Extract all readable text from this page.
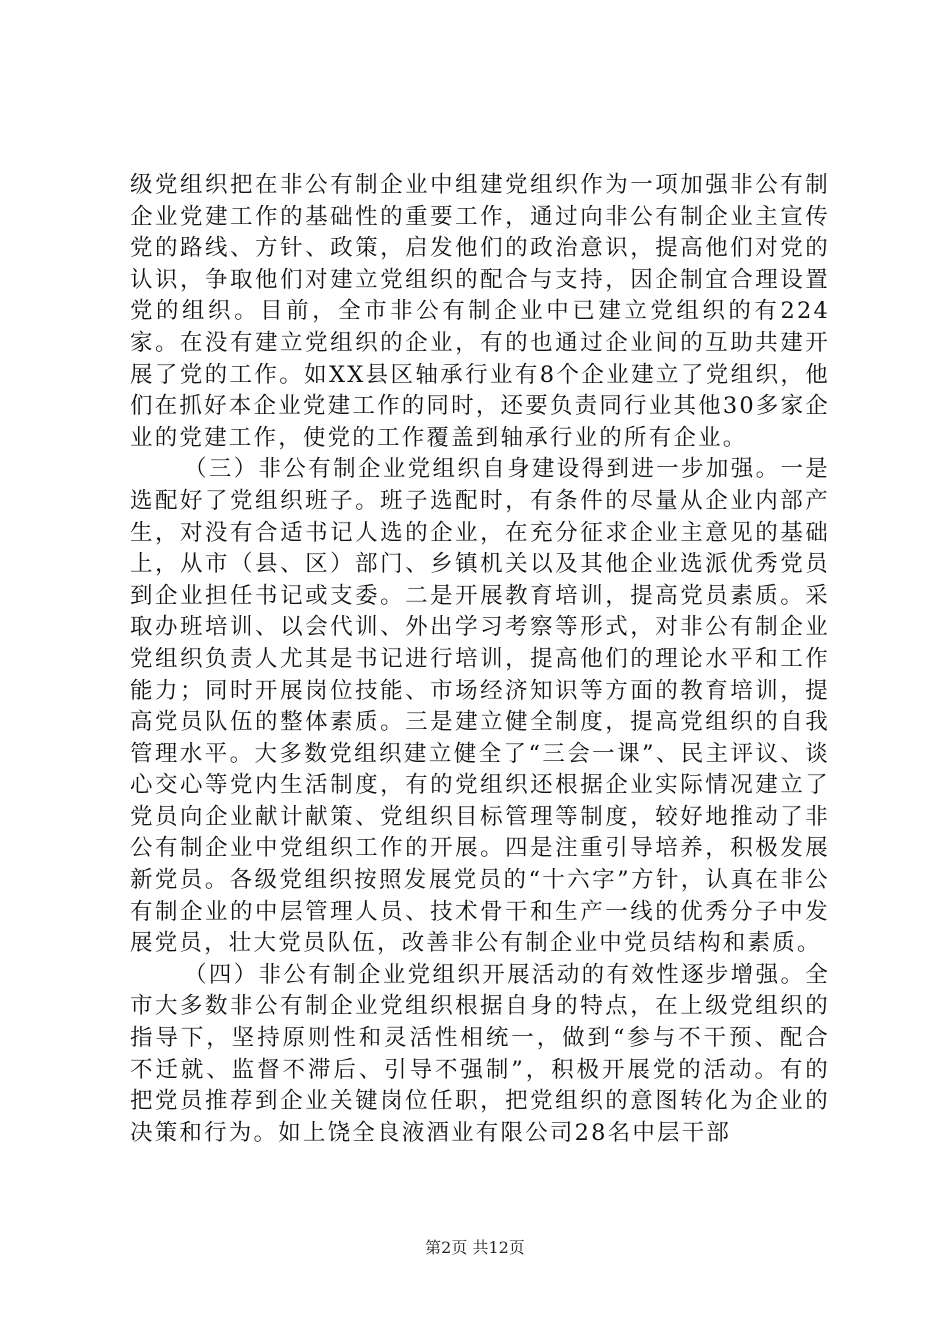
级党组织把在非公有制企业中组建党组织作为一项加强非公有制企业党建工作的基础性的重要工作，通过向非公有制企业主宣传党的路线、方针、政策，启发他们的政治意识，提高他们对党的认识，争取他们对建立党组织的配合与支持，因企制宜合理设置党的组织。目前，全市非公有制企业中已建立党组织的有224家。在没有建立党组织的企业，有的也通过企业间的互助共建开展了党的工作。如XX县区轴承行业有8个企业建立了党组织，他们在抓好本企业党建工作的同时，还要负责同行业其他30多家企业的党建工作，使党的工作覆盖到轴承行业的所有企业。

（三）非公有制企业党组织自身建设得到进一步加强。一是选配好了党组织班子。班子选配时，有条件的尽量从企业内部产生，对没有合适书记人选的企业，在充分征求企业主意见的基础上，从市（县、区）部门、乡镇机关以及其他企业选派优秀党员到企业担任书记或支委。二是开展教育培训，提高党员素质。采取办班培训、以会代训、外出学习考察等形式，对非公有制企业党组织负责人尤其是书记进行培训，提高他们的理论水平和工作能力；同时开展岗位技能、市场经济知识等方面的教育培训，提高党员队伍的整体素质。三是建立健全制度，提高党组织的自我管理水平。大多数党组织建立健全了“三会一课”、民主评议、谈心交心等党内生活制度，有的党组织还根据企业实际情况建立了党员向企业献计献策、党组织目标管理等制度，较好地推动了非公有制企业中党组织工作的开展。四是注重引导培养，积极发展新党员。各级党组织按照发展党员的“十六字”方针，认真在非公有制企业的中层管理人员、技术骨干和生产一线的优秀分子中发展党员，壮大党员队伍，改善非公有制企业中党员结构和素质。

（四）非公有制企业党组织开展活动的有效性逐步增强。全市大多数非公有制企业党组织根据自身的特点，在上级党组织的指导下，坚持原则性和灵活性相统一，做到“参与不干预、配合不迁就、监督不滞后、引导不强制”，积极开展党的活动。有的把党员推荐到企业关键岗位任职，把党组织的意图转化为企业的决策和行为。如上饶全良液酒业有限公司28名中层干部

第2页 共12页
